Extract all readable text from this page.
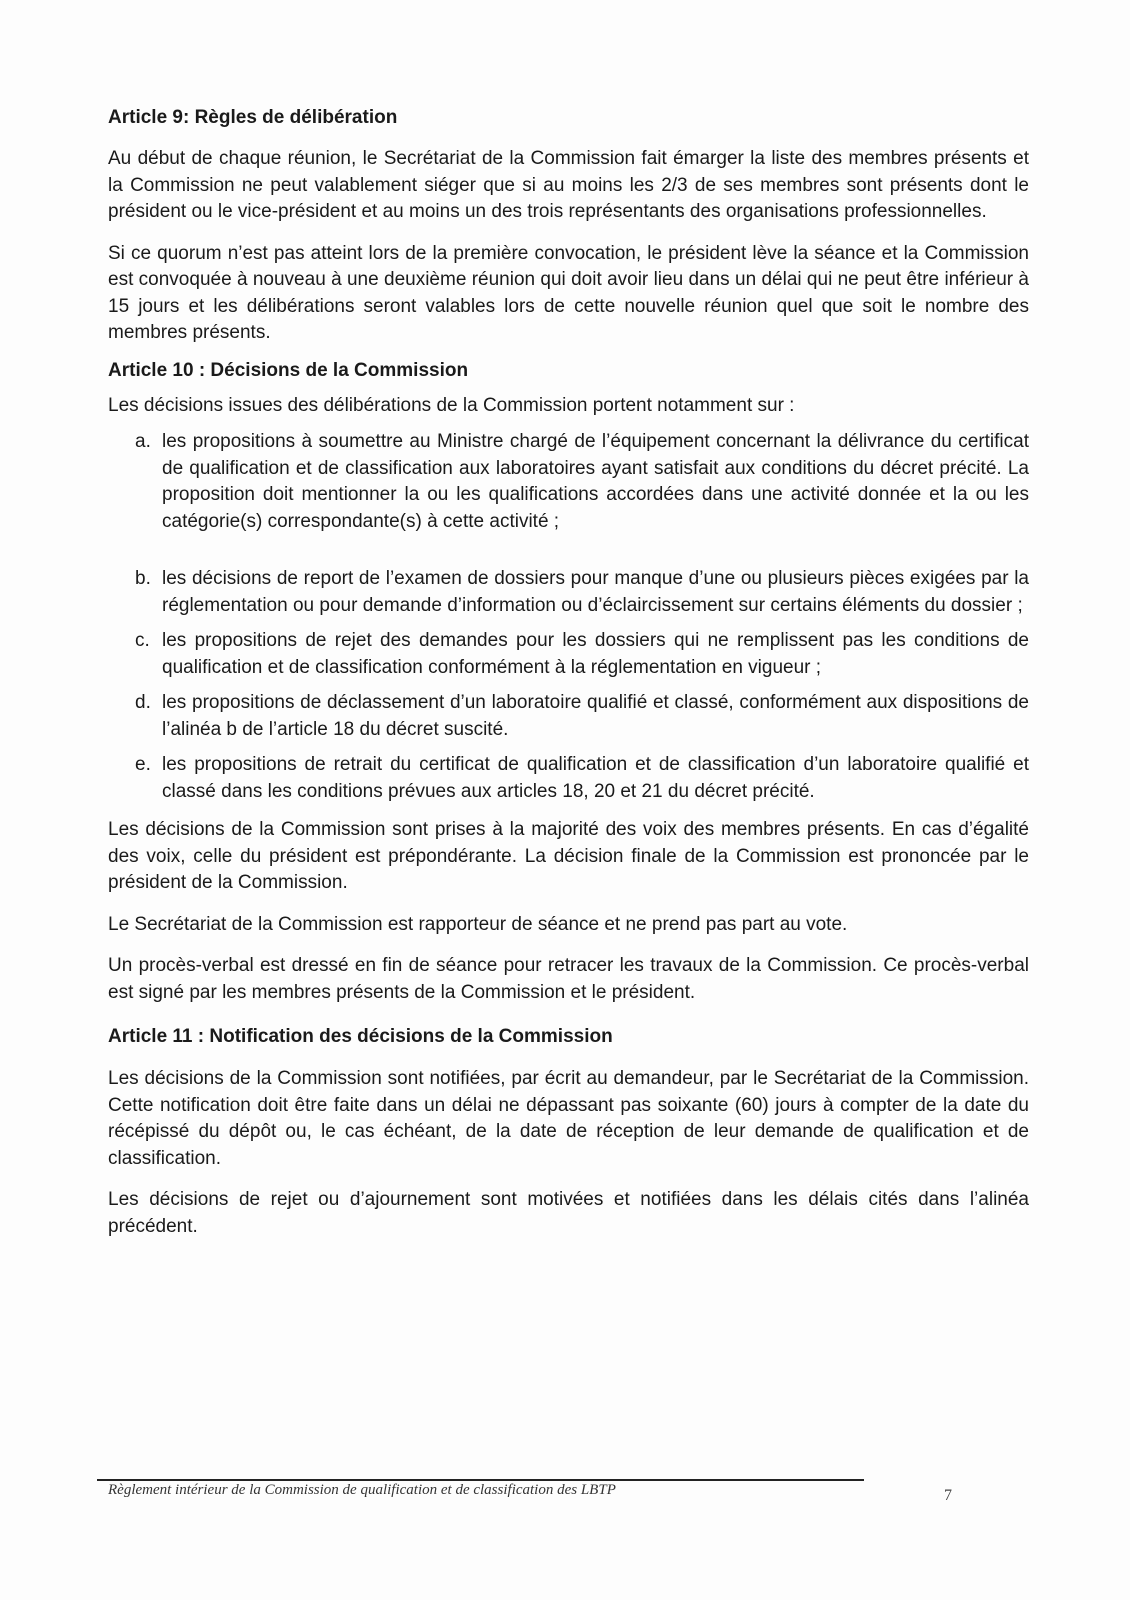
Article 9: Règles de délibération

Au début de chaque réunion, le Secrétariat de la Commission fait émarger la liste des membres présents et la Commission ne peut valablement siéger que si au moins les 2/3 de ses membres sont présents dont le président ou le vice-président et au moins un des trois représentants des organisations professionnelles.

Si ce quorum n’est pas atteint lors de la première convocation, le président lève la séance et la Commission est convoquée à nouveau à une deuxième réunion qui doit avoir lieu dans un délai qui ne peut être inférieur à 15 jours et les délibérations seront valables lors de cette nouvelle réunion quel que soit le nombre des membres présents.

Article 10 : Décisions de la Commission

Les décisions issues des délibérations de la Commission portent notamment sur :

a. les propositions à soumettre au Ministre chargé de l’équipement concernant la délivrance du certificat de qualification et de classification aux laboratoires ayant satisfait aux conditions du décret précité. La proposition doit mentionner la ou les qualifications accordées dans une activité donnée et la ou les catégorie(s) correspondante(s) à cette activité ;
b. les décisions de report de l’examen de dossiers pour manque d’une ou plusieurs pièces exigées par la réglementation ou pour demande d’information ou d’éclaircissement sur certains éléments du dossier ;
c. les propositions de rejet des demandes pour les dossiers qui ne remplissent pas les conditions de qualification et de classification conformément à la réglementation en vigueur ;
d. les propositions de déclassement d’un laboratoire qualifié et classé, conformément aux dispositions de l’alinéa b de l’article 18 du décret suscité.
e. les propositions de retrait du certificat de qualification et de classification d’un laboratoire qualifié et classé dans les conditions prévues aux articles 18, 20 et 21 du décret précité.

Les décisions de la Commission sont prises à la majorité des voix des membres présents. En cas d’égalité des voix, celle du président est prépondérante. La décision finale de la Commission est prononcée par le président de la Commission.

Le Secrétariat de la Commission est rapporteur de séance et ne prend pas part au vote.

Un procès-verbal est dressé en fin de séance pour retracer les travaux de la Commission. Ce procès-verbal est signé par les membres présents de la Commission et le président.

Article 11 : Notification des décisions de la Commission

Les décisions de la Commission sont notifiées, par écrit au demandeur, par le Secrétariat de la Commission. Cette notification doit être faite dans un délai ne dépassant pas soixante (60) jours à compter de la date du récépissé du dépôt ou, le cas échéant, de la date de réception de leur demande de qualification et de classification.

Les décisions de rejet ou d’ajournement sont motivées et notifiées dans les délais cités dans l’alinéa précédent.

Règlement intérieur de la Commission de qualification et de classification des LBTP	7
